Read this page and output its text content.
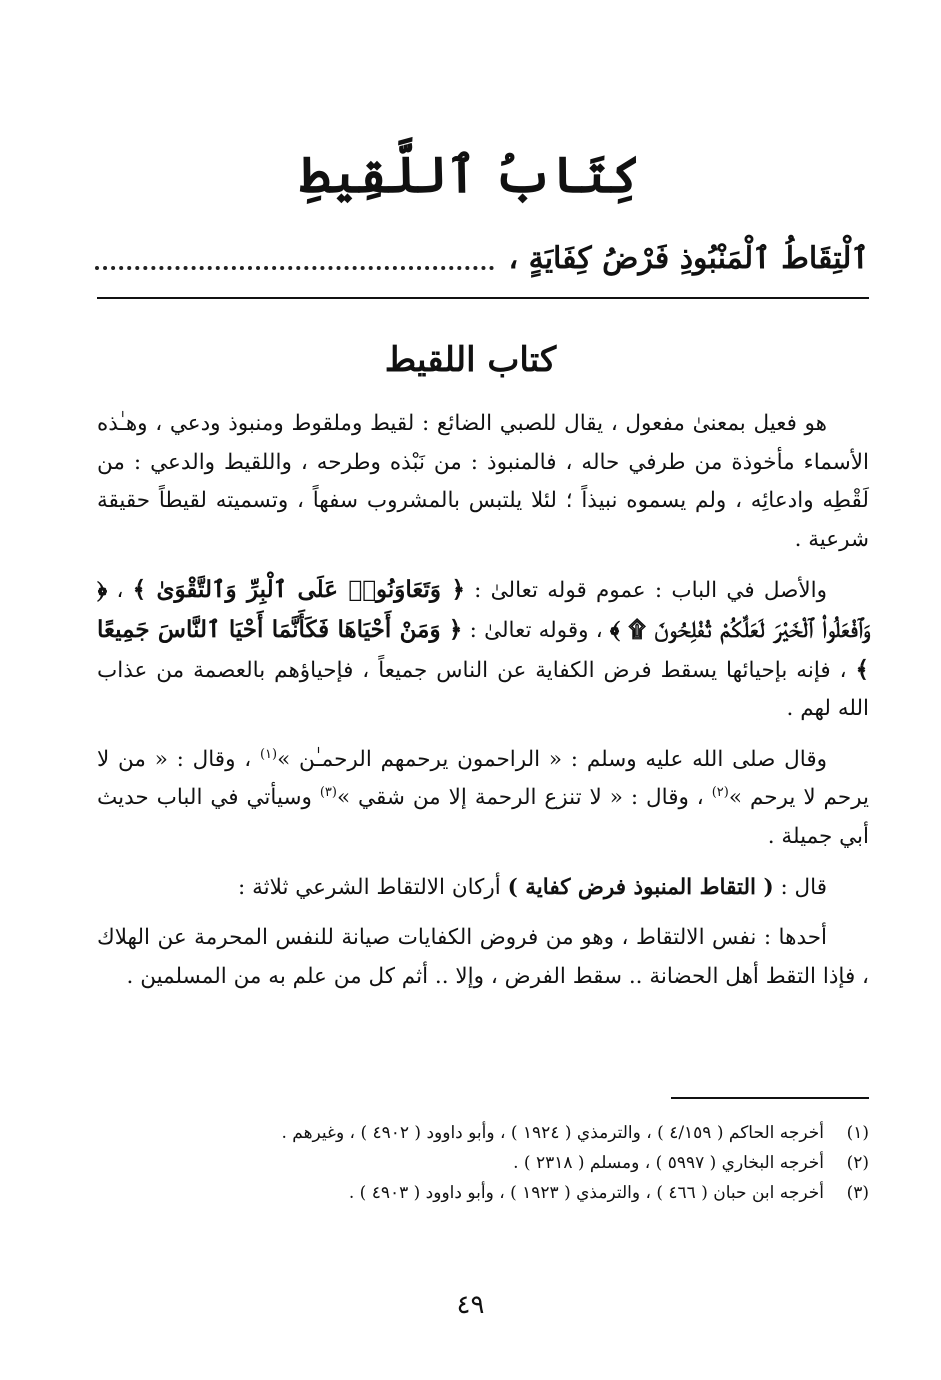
كِتَابُ ٱللَّقِيطِ
ٱلْتِقَاطُ ٱلْمَنْبُوذِ فَرْضُ كِفَايَةٍ ،
كتاب اللقيط

هو فعيل بمعنىٰ مفعول ، يقال للصبي الضائع : لقيط وملقوط ومنبوذ ودعي ، وهـٰذه الأسماء مأخوذة من طرفي حاله ، فالمنبوذ : من نَبْذه وطرحه ، واللقيط والدعي : من لَقْطِه وادعائِه ، ولم يسموه نبيذاً ؛ لئلا يلتبس بالمشروب سفهاً ، وتسميته لقيطاً حقيقة شرعية .

والأصل في الباب : عموم قوله تعالىٰ : ﴿ وَتَعَاوَنُوا۟ عَلَى ٱلْبِرِّ وَٱلتَّقْوَىٰ ﴾ ، ﴿ وَٱفْعَلُوا۟ ٱلْخَيْرَ لَعَلَّكُمْ تُفْلِحُونَ ۩ ﴾ ، وقوله تعالىٰ : ﴿ وَمَنْ أَحْيَاهَا فَكَأَنَّمَا أَحْيَا ٱلنَّاسَ جَمِيعًا ﴾ ، فإنه بإحيائها يسقط فرض الكفاية عن الناس جميعاً ، فإحياؤهم بالعصمة من عذاب الله لهم .

وقال صلى الله عليه وسلم : « الراحمون يرحمهم الرحمـٰن »$^{(١)}$ ، وقال : « من لا يرحم لا يرحم »$^{(٢)}$ ، وقال : « لا تنزع الرحمة إلا من شقي »$^{(٣)}$ وسيأتي في الباب حديث أبي جميلة .

قال : ( التقاط المنبوذ فرض كفاية ) أركان الالتقاط الشرعي ثلاثة :

أحدها : نفس الالتقاط ، وهو من فروض الكفايات صيانة للنفس المحرمة عن الهلاك ، فإذا التقط أهل الحضانة .. سقط الفرض ، وإلا .. أثم كل من علم به من المسلمين .

(١)
أخرجه الحاكم ( ٤/١٥٩ ) ، والترمذي ( ١٩٢٤ ) ، وأبو داوود ( ٤٩٠٢ ) ، وغيرهم .
(٢)
أخرجه البخاري ( ٥٩٩٧ ) ، ومسلم ( ٢٣١٨ ) .
(٣)
أخرجه ابن حبان ( ٤٦٦ ) ، والترمذي ( ١٩٢٣ ) ، وأبو داوود ( ٤٩٠٣ ) .
٤٩
